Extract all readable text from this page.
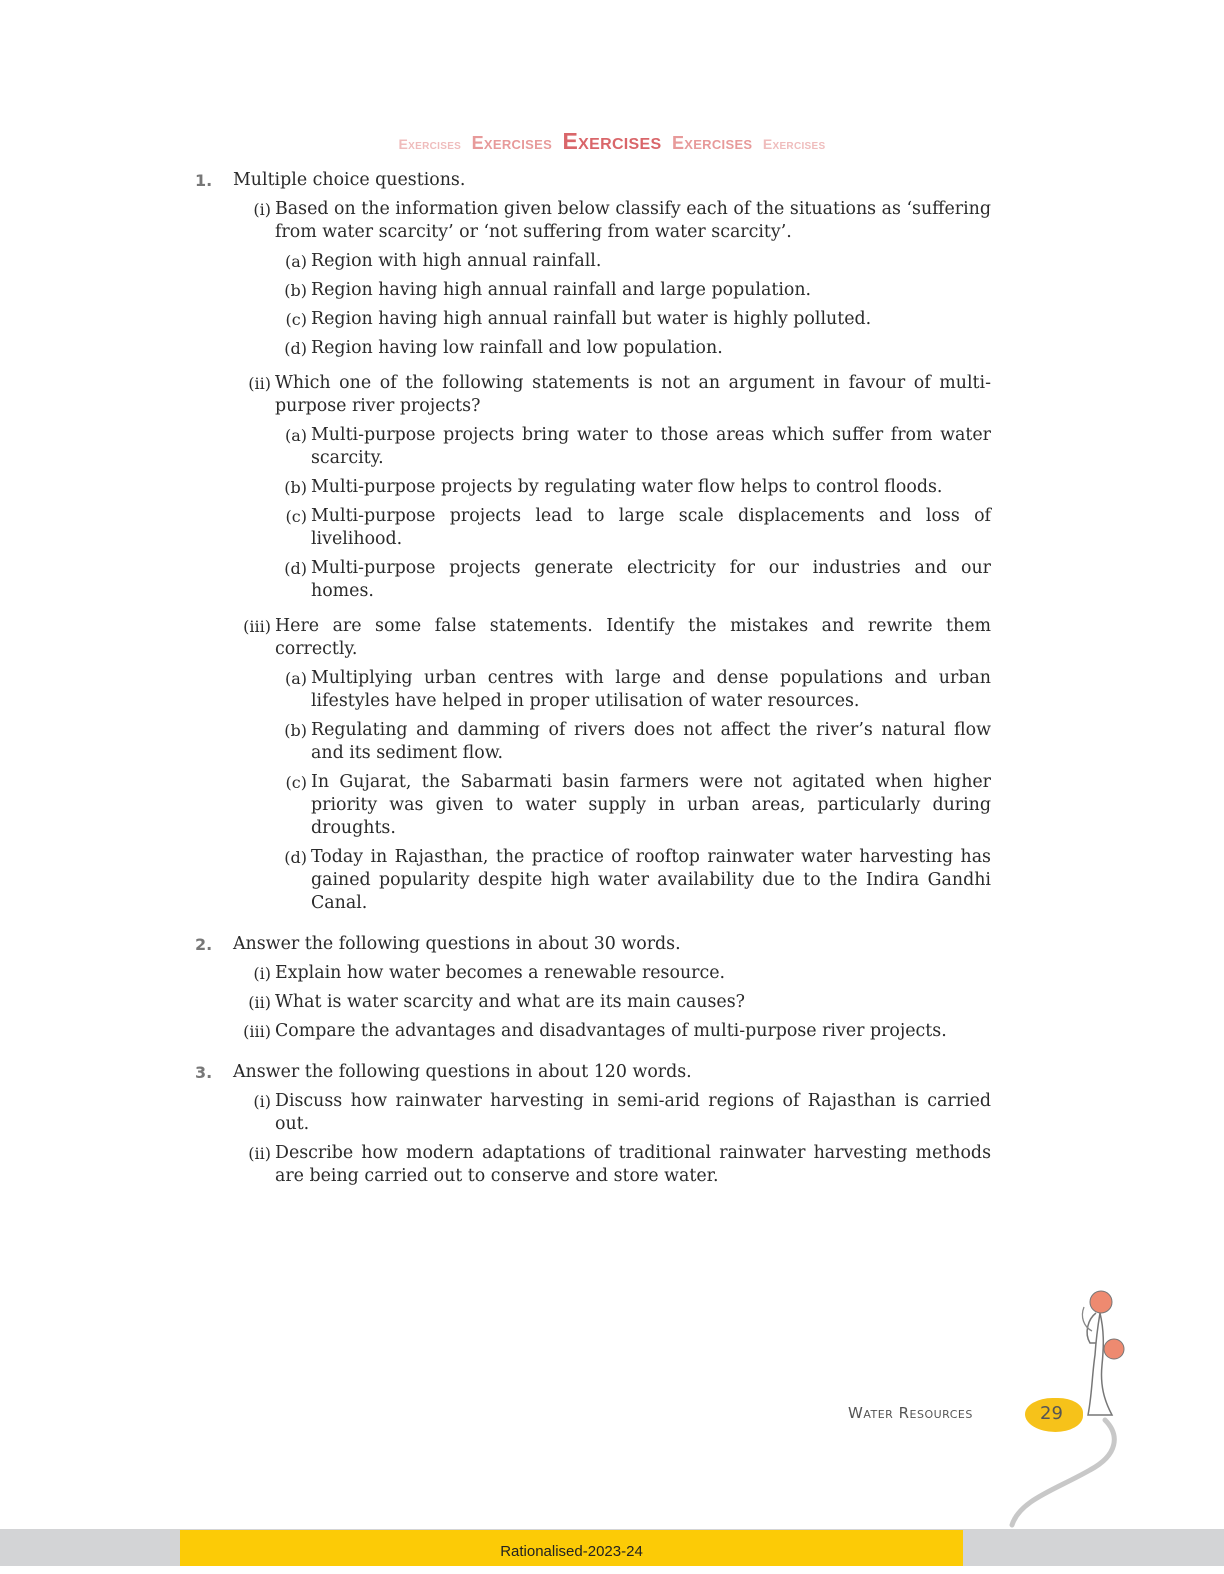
Exercises Exercises Exercises Exercises Exercises
1. Multiple choice questions.
(i) Based on the information given below classify each of the situations as ‘suffering from water scarcity’ or ‘not suffering from water scarcity’.
(a) Region with high annual rainfall.
(b) Region having high annual rainfall and large population.
(c) Region having high annual rainfall but water is highly polluted.
(d) Region having low rainfall and low population.
(ii) Which one of the following statements is not an argument in favour of multi-purpose river projects?
(a) Multi-purpose projects bring water to those areas which suffer from water scarcity.
(b) Multi-purpose projects by regulating water flow helps to control floods.
(c) Multi-purpose projects lead to large scale displacements and loss of livelihood.
(d) Multi-purpose projects generate electricity for our industries and our homes.
(iii) Here are some false statements. Identify the mistakes and rewrite them correctly.
(a) Multiplying urban centres with large and dense populations and urban lifestyles have helped in proper utilisation of water resources.
(b) Regulating and damming of rivers does not affect the river’s natural flow and its sediment flow.
(c) In Gujarat, the Sabarmati basin farmers were not agitated when higher priority was given to water supply in urban areas, particularly during droughts.
(d) Today in Rajasthan, the practice of rooftop rainwater water harvesting has gained popularity despite high water availability due to the Indira Gandhi Canal.
2. Answer the following questions in about 30 words.
(i) Explain how water becomes a renewable resource.
(ii) What is water scarcity and what are its main causes?
(iii) Compare the advantages and disadvantages of multi-purpose river projects.
3. Answer the following questions in about 120 words.
(i) Discuss how rainwater harvesting in semi-arid regions of Rajasthan is carried out.
(ii) Describe how modern adaptations of traditional rainwater harvesting methods are being carried out to conserve and store water.
Water Resources	29
Rationalised-2023-24
